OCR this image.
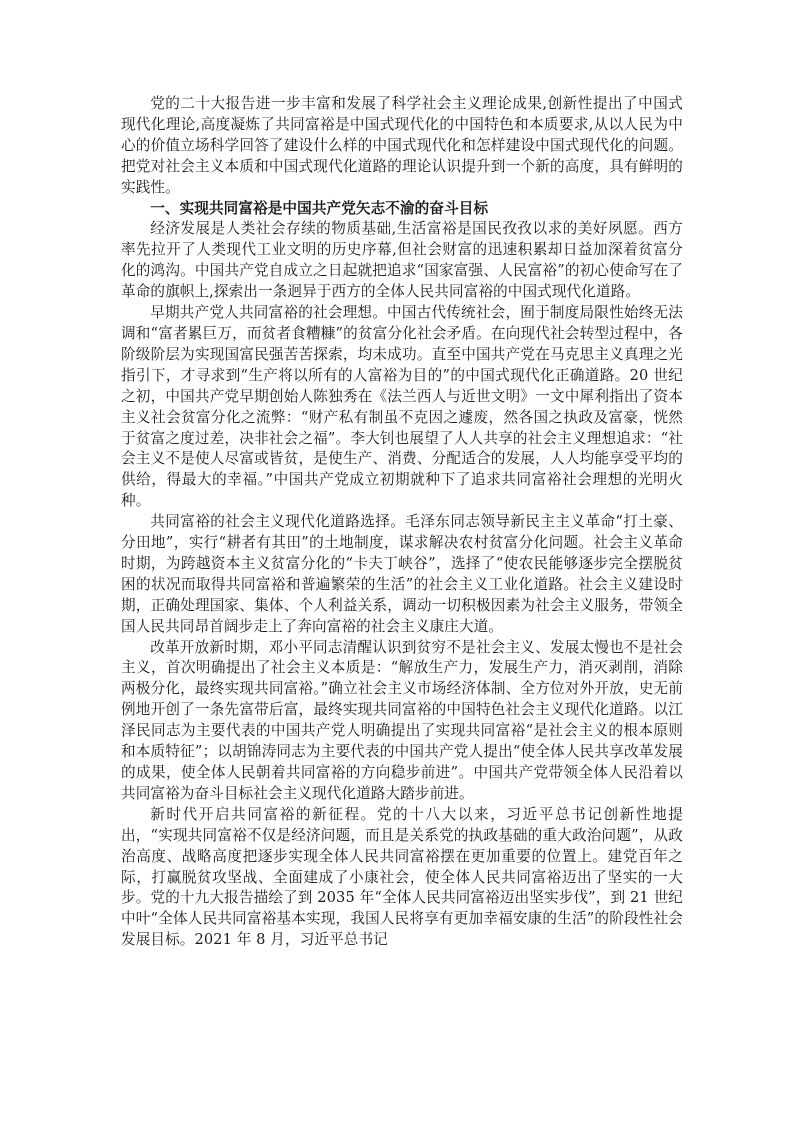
党的二十大报告进一步丰富和发展了科学社会主义理论成果,创新性提出了中国式现代化理论,高度凝炼了共同富裕是中国式现代化的中国特色和本质要求,从以人民为中心的价值立场科学回答了建设什么样的中国式现代化和怎样建设中国式现代化的问题。把党对社会主义本质和中国式现代化道路的理论认识提升到一个新的高度，具有鲜明的实践性。

一、实现共同富裕是中国共产党矢志不渝的奋斗目标

经济发展是人类社会存续的物质基础,生活富裕是国民孜孜以求的美好夙愿。西方率先拉开了人类现代工业文明的历史序幕,但社会财富的迅速积累却日益加深着贫富分化的鸿沟。中国共产党自成立之日起就把追求“国家富强、人民富裕”的初心使命写在了革命的旗帜上,探索出一条迥异于西方的全体人民共同富裕的中国式现代化道路。

早期共产党人共同富裕的社会理想。中国古代传统社会，囿于制度局限性始终无法调和“富者累巨万，而贫者食糟糠”的贫富分化社会矛盾。在向现代社会转型过程中，各阶级阶层为实现国富民强苦苦探索，均未成功。直至中国共产党在马克思主义真理之光指引下，才寻求到“生产将以所有的人富裕为目的”的中国式现代化正确道路。20 世纪之初，中国共产党早期创始人陈独秀在《法兰西人与近世文明》一文中犀利指出了资本主义社会贫富分化之流弊：“财产私有制虽不克因之遽废，然各国之执政及富豪，恍然于贫富之度过差，决非社会之福”。李大钊也展望了人人共享的社会主义理想追求：“社会主义不是使人尽富或皆贫，是使生产、消费、分配适合的发展，人人均能享受平均的供给，得最大的幸福。”中国共产党成立初期就种下了追求共同富裕社会理想的光明火种。

共同富裕的社会主义现代化道路选择。毛泽东同志领导新民主主义革命“打土豪、分田地”，实行“耕者有其田”的土地制度，谋求解决农村贫富分化问题。社会主义革命时期，为跨越资本主义贫富分化的“卡夫丁峡谷”，选择了“使农民能够逐步完全摆脱贫困的状况而取得共同富裕和普遍繁荣的生活”的社会主义工业化道路。社会主义建设时期，正确处理国家、集体、个人利益关系，调动一切积极因素为社会主义服务，带领全国人民共同昂首阔步走上了奔向富裕的社会主义康庄大道。

改革开放新时期，邓小平同志清醒认识到贫穷不是社会主义、发展太慢也不是社会主义，首次明确提出了社会主义本质是：“解放生产力，发展生产力，消灭剥削，消除两极分化，最终实现共同富裕。”确立社会主义市场经济体制、全方位对外开放，史无前例地开创了一条先富带后富，最终实现共同富裕的中国特色社会主义现代化道路。以江泽民同志为主要代表的中国共产党人明确提出了实现共同富裕“是社会主义的根本原则和本质特征”；以胡锦涛同志为主要代表的中国共产党人提出“使全体人民共享改革发展的成果，使全体人民朝着共同富裕的方向稳步前进”。中国共产党带领全体人民沿着以共同富裕为奋斗目标社会主义现代化道路大踏步前进。

新时代开启共同富裕的新征程。党的十八大以来，习近平总书记创新性地提出，“实现共同富裕不仅是经济问题，而且是关系党的执政基础的重大政治问题”，从政治高度、战略高度把逐步实现全体人民共同富裕摆在更加重要的位置上。建党百年之际，打赢脱贫攻坚战、全面建成了小康社会，使全体人民共同富裕迈出了坚实的一大步。党的十九大报告描绘了到 2035 年“全体人民共同富裕迈出坚实步伐”，到 21 世纪中叶“全体人民共同富裕基本实现，我国人民将享有更加幸福安康的生活”的阶段性社会发展目标。2021 年 8 月，习近平总书记
